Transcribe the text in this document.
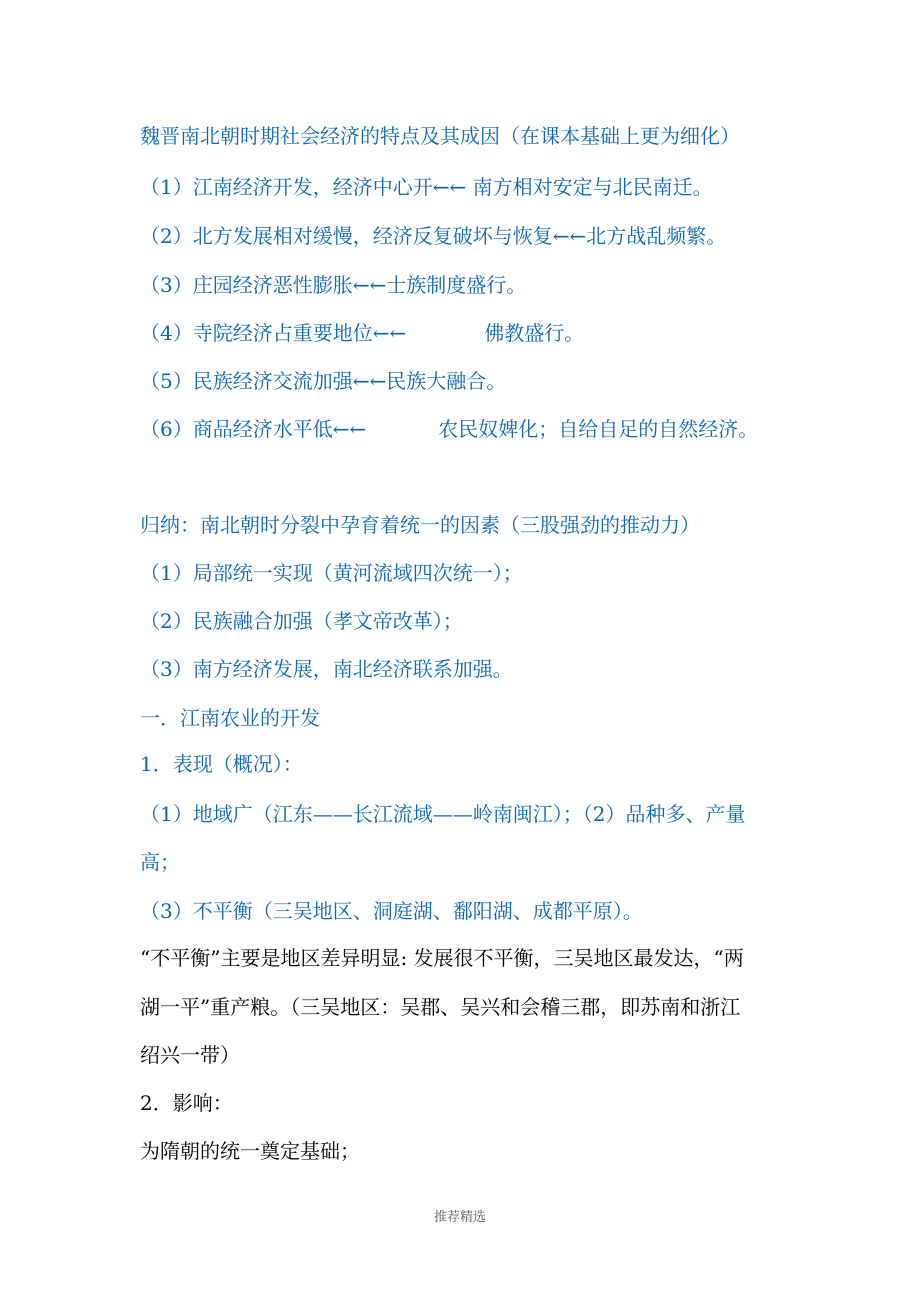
魏晋南北朝时期社会经济的特点及其成因（在课本基础上更为细化）
（1）江南经济开发，经济中心开←← 南方相对安定与北民南迁。
（2）北方发展相对缓慢，经济反复破坏与恢复←←北方战乱频繁。
（3）庄园经济恶性膨胀←←士族制度盛行。
（4）寺院经济占重要地位←←	佛教盛行。
（5）民族经济交流加强←←民族大融合。
（6）商品经济水平低←←	农民奴婢化；自给自足的自然经济。
归纳：南北朝时分裂中孕育着统一的因素（三股强劲的推动力）
（1）局部统一实现（黄河流域四次统一）；
（2）民族融合加强（孝文帝改革）；
（3）南方经济发展，南北经济联系加强。
一．江南农业的开发
1．表现（概况）：
（1）地域广（江东——长江流域——岭南闽江）；（2）品种多、产量
高；
（3）不平衡（三吴地区、洞庭湖、鄱阳湖、成都平原）。
“不平衡”主要是地区差异明显: 发展很不平衡，三吴地区最发达，“两
湖一平”重产粮。（三吴地区：吴郡、吴兴和会稽三郡，即苏南和浙江
绍兴一带）
2．影响：
为隋朝的统一奠定基础；
推荐精选
